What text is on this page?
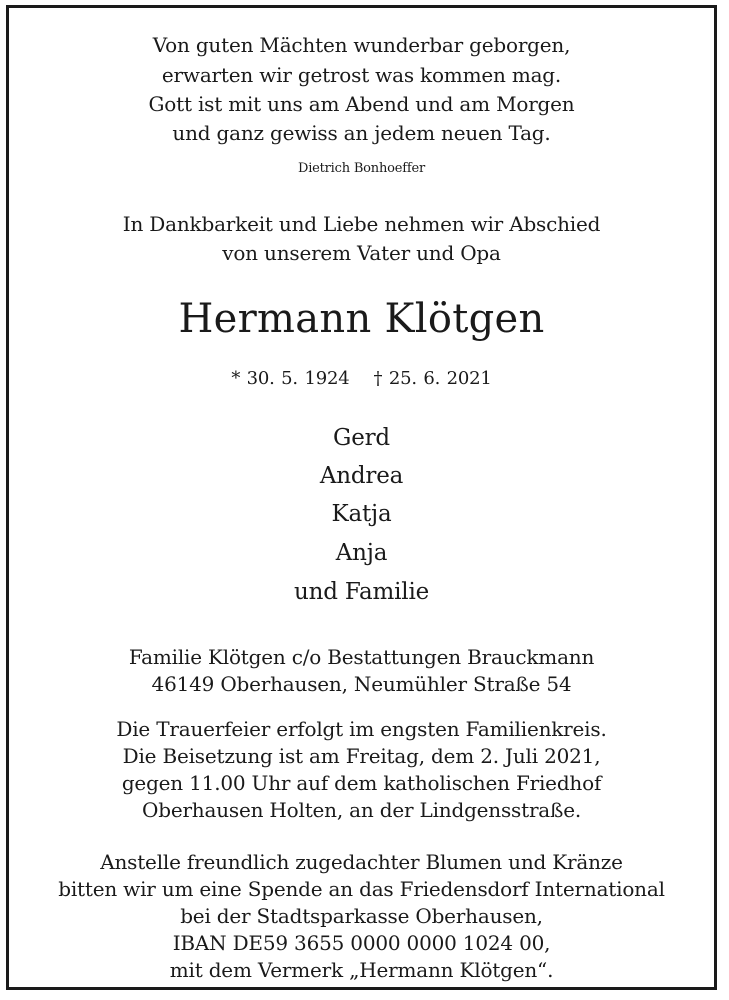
Von guten Mächten wunderbar geborgen,
erwarten wir getrost was kommen mag.
Gott ist mit uns am Abend und am Morgen
und ganz gewiss an jedem neuen Tag.
Dietrich Bonhoeffer
In Dankbarkeit und Liebe nehmen wir Abschied
von unserem Vater und Opa
Hermann Klötgen
* 30. 5. 1924 † 25. 6. 2021
Gerd
Andrea
Katja
Anja
und Familie
Familie Klötgen c/o Bestattungen Brauckmann
46149 Oberhausen, Neumühler Straße 54
Die Trauerfeier erfolgt im engsten Familienkreis.
Die Beisetzung ist am Freitag, dem 2. Juli 2021,
gegen 11.00 Uhr auf dem katholischen Friedhof
Oberhausen Holten, an der Lindgensstraße.
Anstelle freundlich zugedachter Blumen und Kränze
bitten wir um eine Spende an das Friedensdorf International
bei der Stadtsparkasse Oberhausen,
IBAN DE59 3655 0000 0000 1024 00,
mit dem Vermerk „Hermann Klötgen“.
